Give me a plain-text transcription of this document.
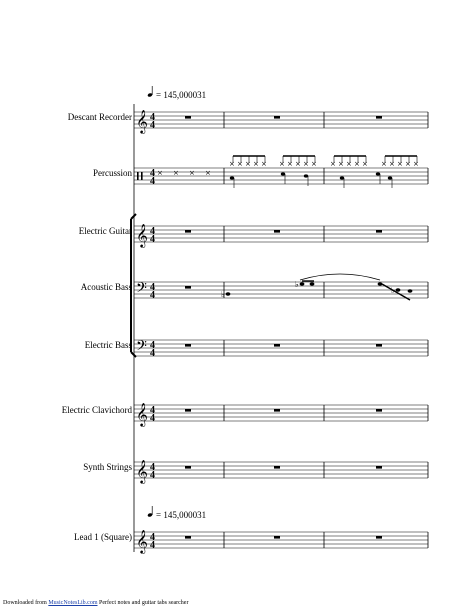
Descant Recorder 𝄞 4
4
= 145,000031
Percussion 4
4
Electric Guitar 𝄞 4
4
Acoustic Bass 𝄢 4
4
Electric Bass 𝄢 4
4
Electric Clavichord 𝄞 4
4
Synth Strings 𝄞 4
4
Lead 1 (Square) 𝄞 4
4
= 145,000031
× × × ×
× × × × × × × × × × × × × × × × × × × ×
♭
♭
Downloaded from MusicNotesLib.com Perfect notes and guitar tabs searcher
